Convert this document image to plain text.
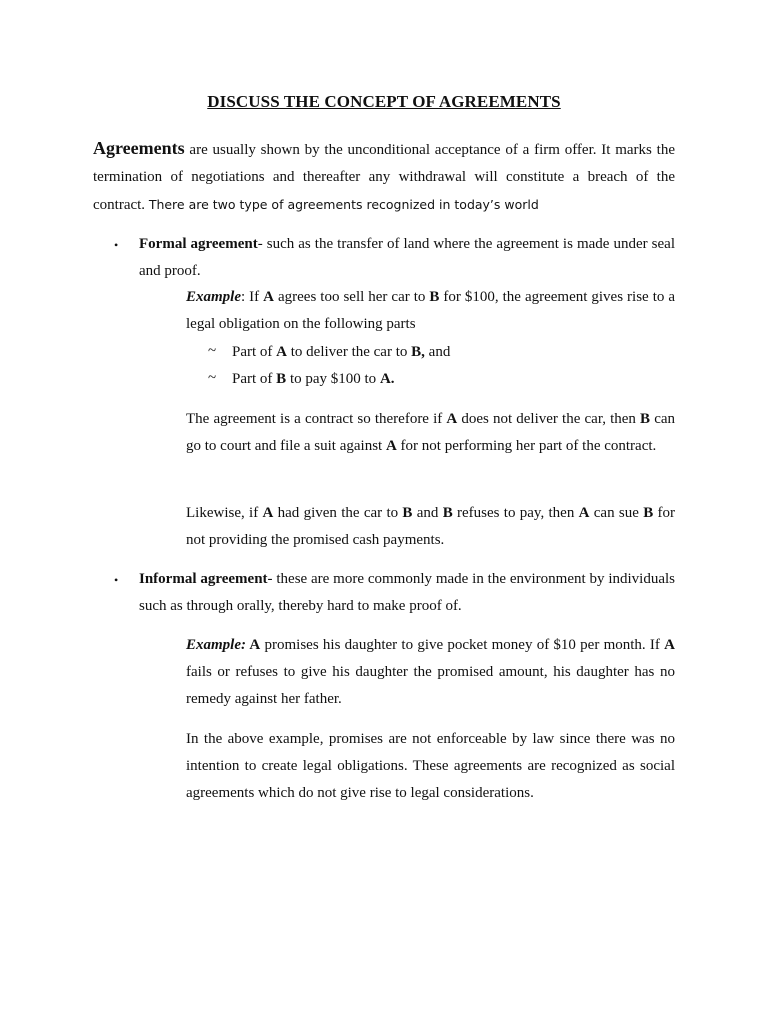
DISCUSS THE CONCEPT OF AGREEMENTS

Agreements are usually shown by the unconditional acceptance of a firm offer. It marks the termination of negotiations and thereafter any withdrawal will constitute a breach of the contract. There are two type of agreements recognized in today’s world

• Formal agreement- such as the transfer of land where the agreement is made under seal and proof.

Example: If A agrees too sell her car to B for $100, the agreement gives rise to a legal obligation on the following parts

~ Part of A to deliver the car to B, and

~ Part of B to pay $100 to A.

The agreement is a contract so therefore if A does not deliver the car, then B can go to court and file a suit against A for not performing her part of the contract.

Likewise, if A had given the car to B and B refuses to pay, then A can sue B for not providing the promised cash payments.

• Informal agreement- these are more commonly made in the environment by individuals such as through orally, thereby hard to make proof of.

Example: A promises his daughter to give pocket money of $10 per month. If A fails or refuses to give his daughter the promised amount, his daughter has no remedy against her father.

In the above example, promises are not enforceable by law since there was no intention to create legal obligations. These agreements are recognized as social agreements which do not give rise to legal considerations.
